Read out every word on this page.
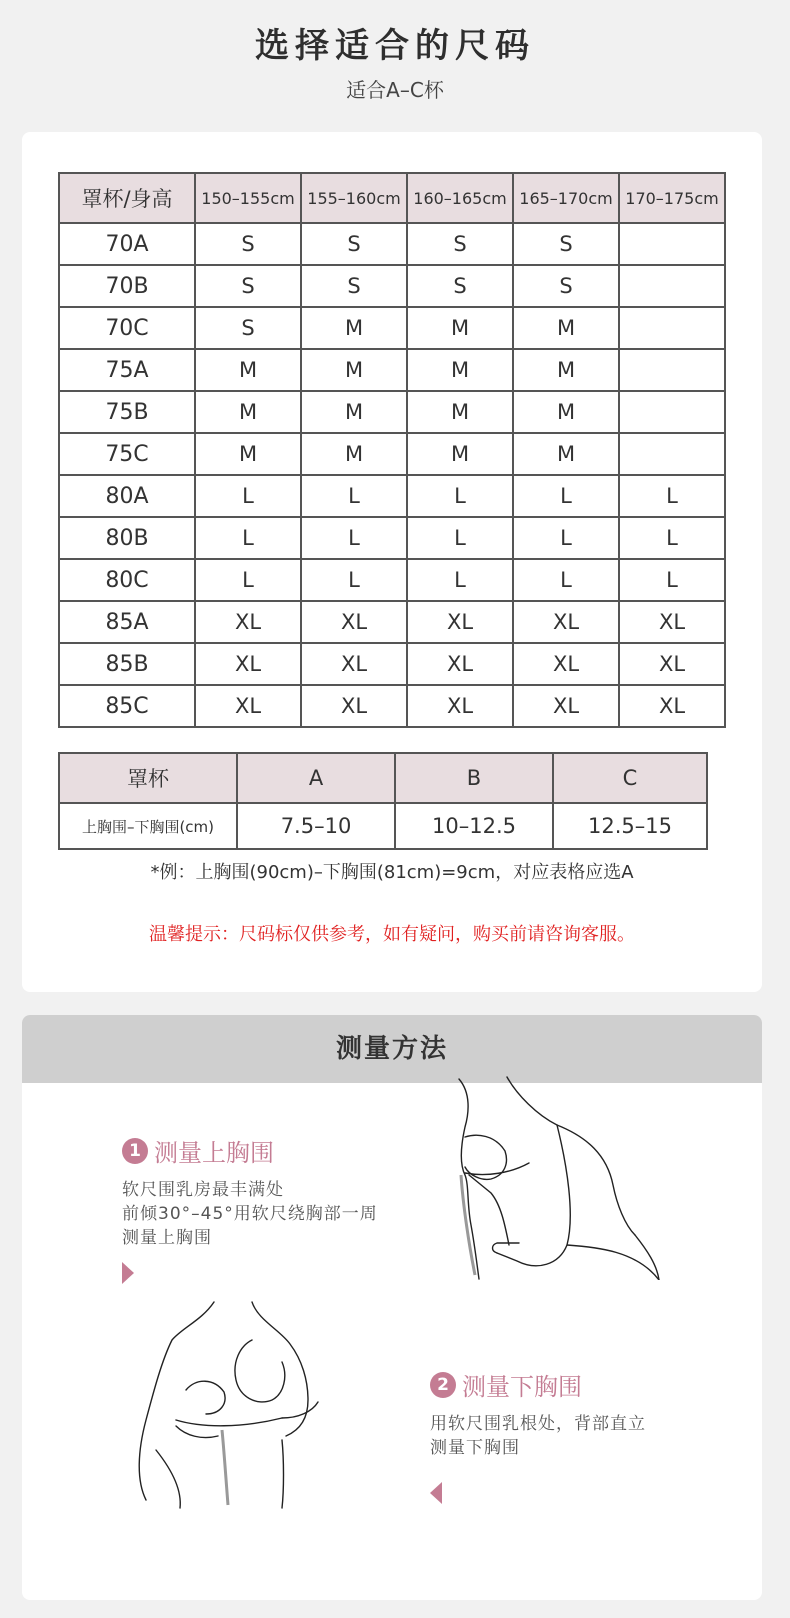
选择适合的尺码
适合A–C杯
罩杯/身高	150–155cm	155–160cm	160–165cm	165–170cm	170–175cm
70A	S	S	S	S	
70B	S	S	S	S	
70C	S	M	M	M	
75A	M	M	M	M	
75B	M	M	M	M	
75C	M	M	M	M	
80A	L	L	L	L	L
80B	L	L	L	L	L
80C	L	L	L	L	L
85A	XL	XL	XL	XL	XL
85B	XL	XL	XL	XL	XL
85C	XL	XL	XL	XL	XL
罩杯	A	B	C
上胸围–下胸围(cm)	7.5–10	10–12.5	12.5–15
*例：上胸围(90cm)–下胸围(81cm)=9cm，对应表格应选A
温馨提示：尺码标仅供参考，如有疑问，购买前请咨询客服。
测量方法
1 测量上胸围
软尺围乳房最丰满处
前倾30°–45°用软尺绕胸部一周
测量上胸围
2 测量下胸围
用软尺围乳根处，背部直立
测量下胸围
